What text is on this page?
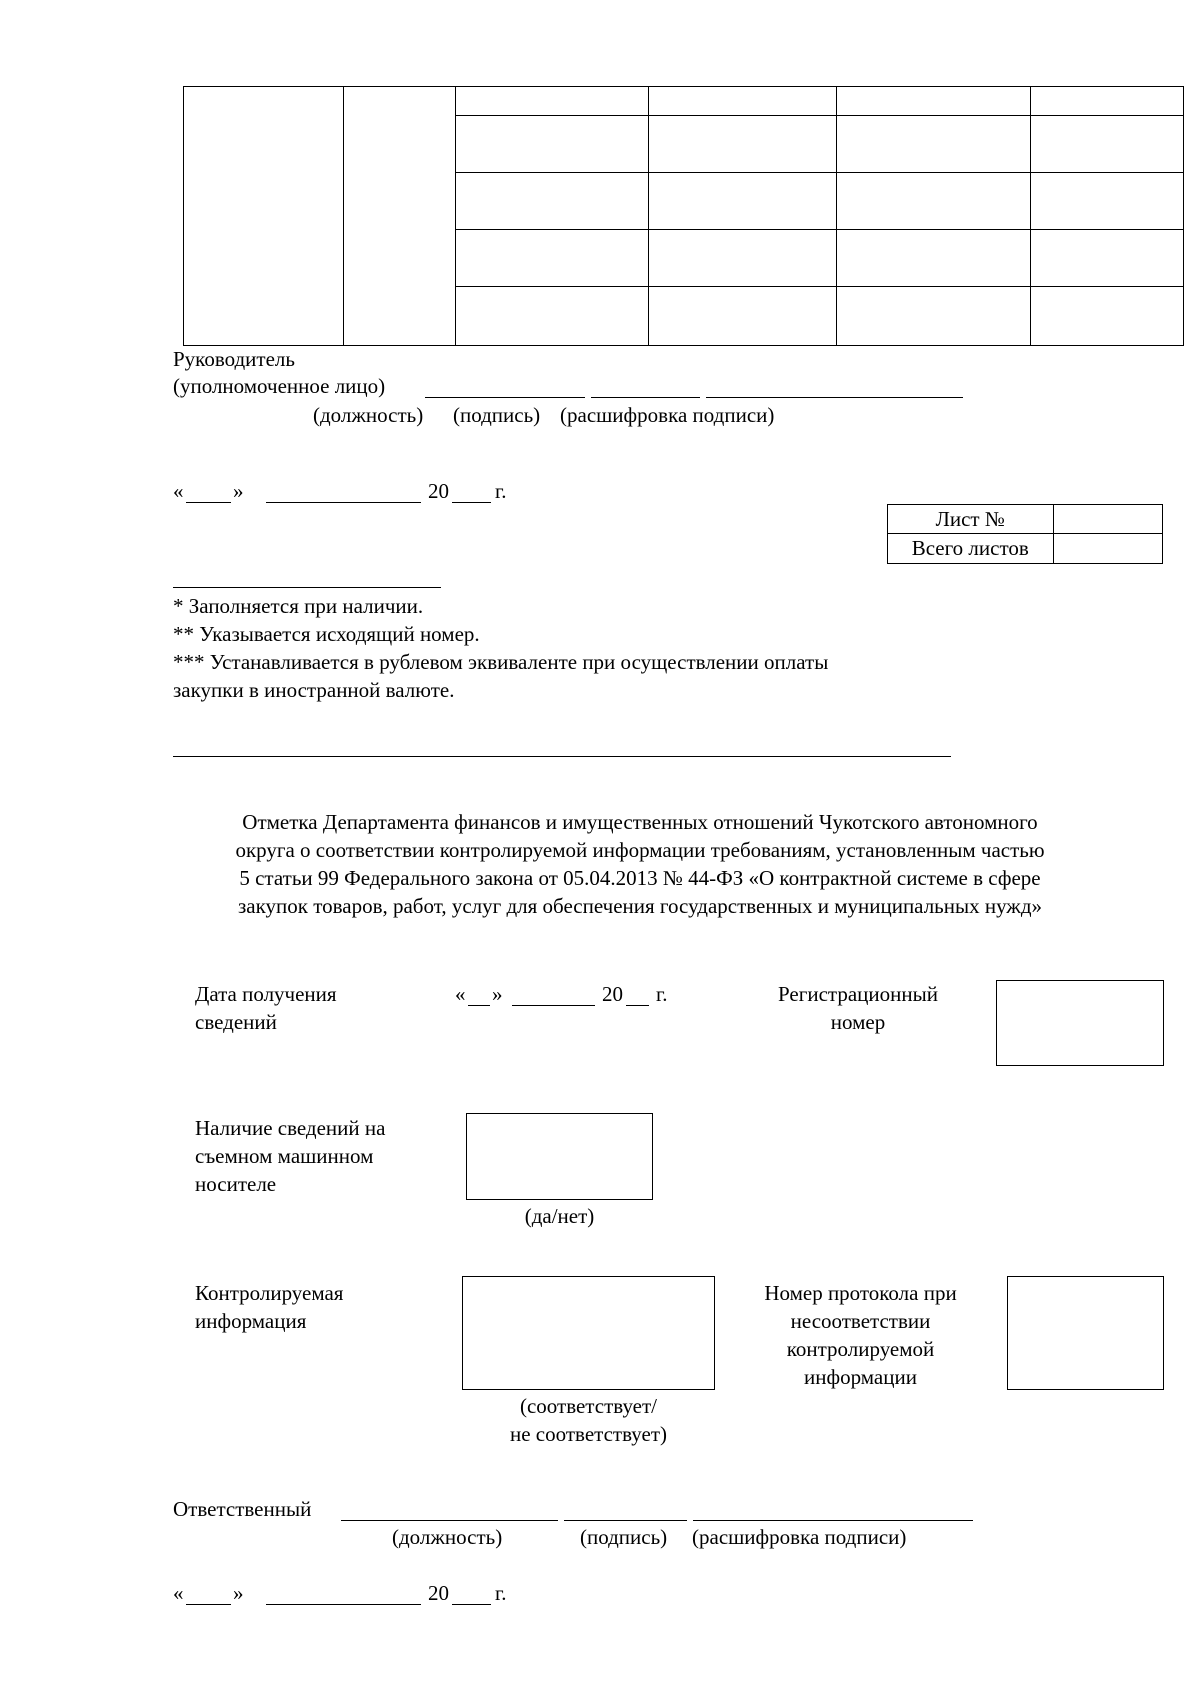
Руководитель
(уполномоченное лицо)
(должность) (подпись) (расшифровка подписи)
« »	20 г.
Лист №	
Всего листов	
* Заполняется при наличии.
** Указывается исходящий номер.
*** Устанавливается в рублевом эквиваленте при осуществлении оплаты
закупки в иностранной валюте.
Отметка Департамента финансов и имущественных отношений Чукотского автономного
округа о соответствии контролируемой информации требованиям, установленным частью
5 статьи 99 Федерального закона от 05.04.2013 № 44-ФЗ «О контрактной системе в сфере
закупок товаров, работ, услуг для обеспечения государственных и муниципальных нужд»
Дата получения
сведений
« »	20 г.	Регистрационный
номер
Наличие сведений на
съемном машинном
носителе
(да/нет)
Контролируемая
информация
(соответствует/
не соответствует)
Номер протокола при
несоответствии
контролируемой
информации
Ответственный
(должность)	(подпись) (расшифровка подписи)
« »	20 г.
